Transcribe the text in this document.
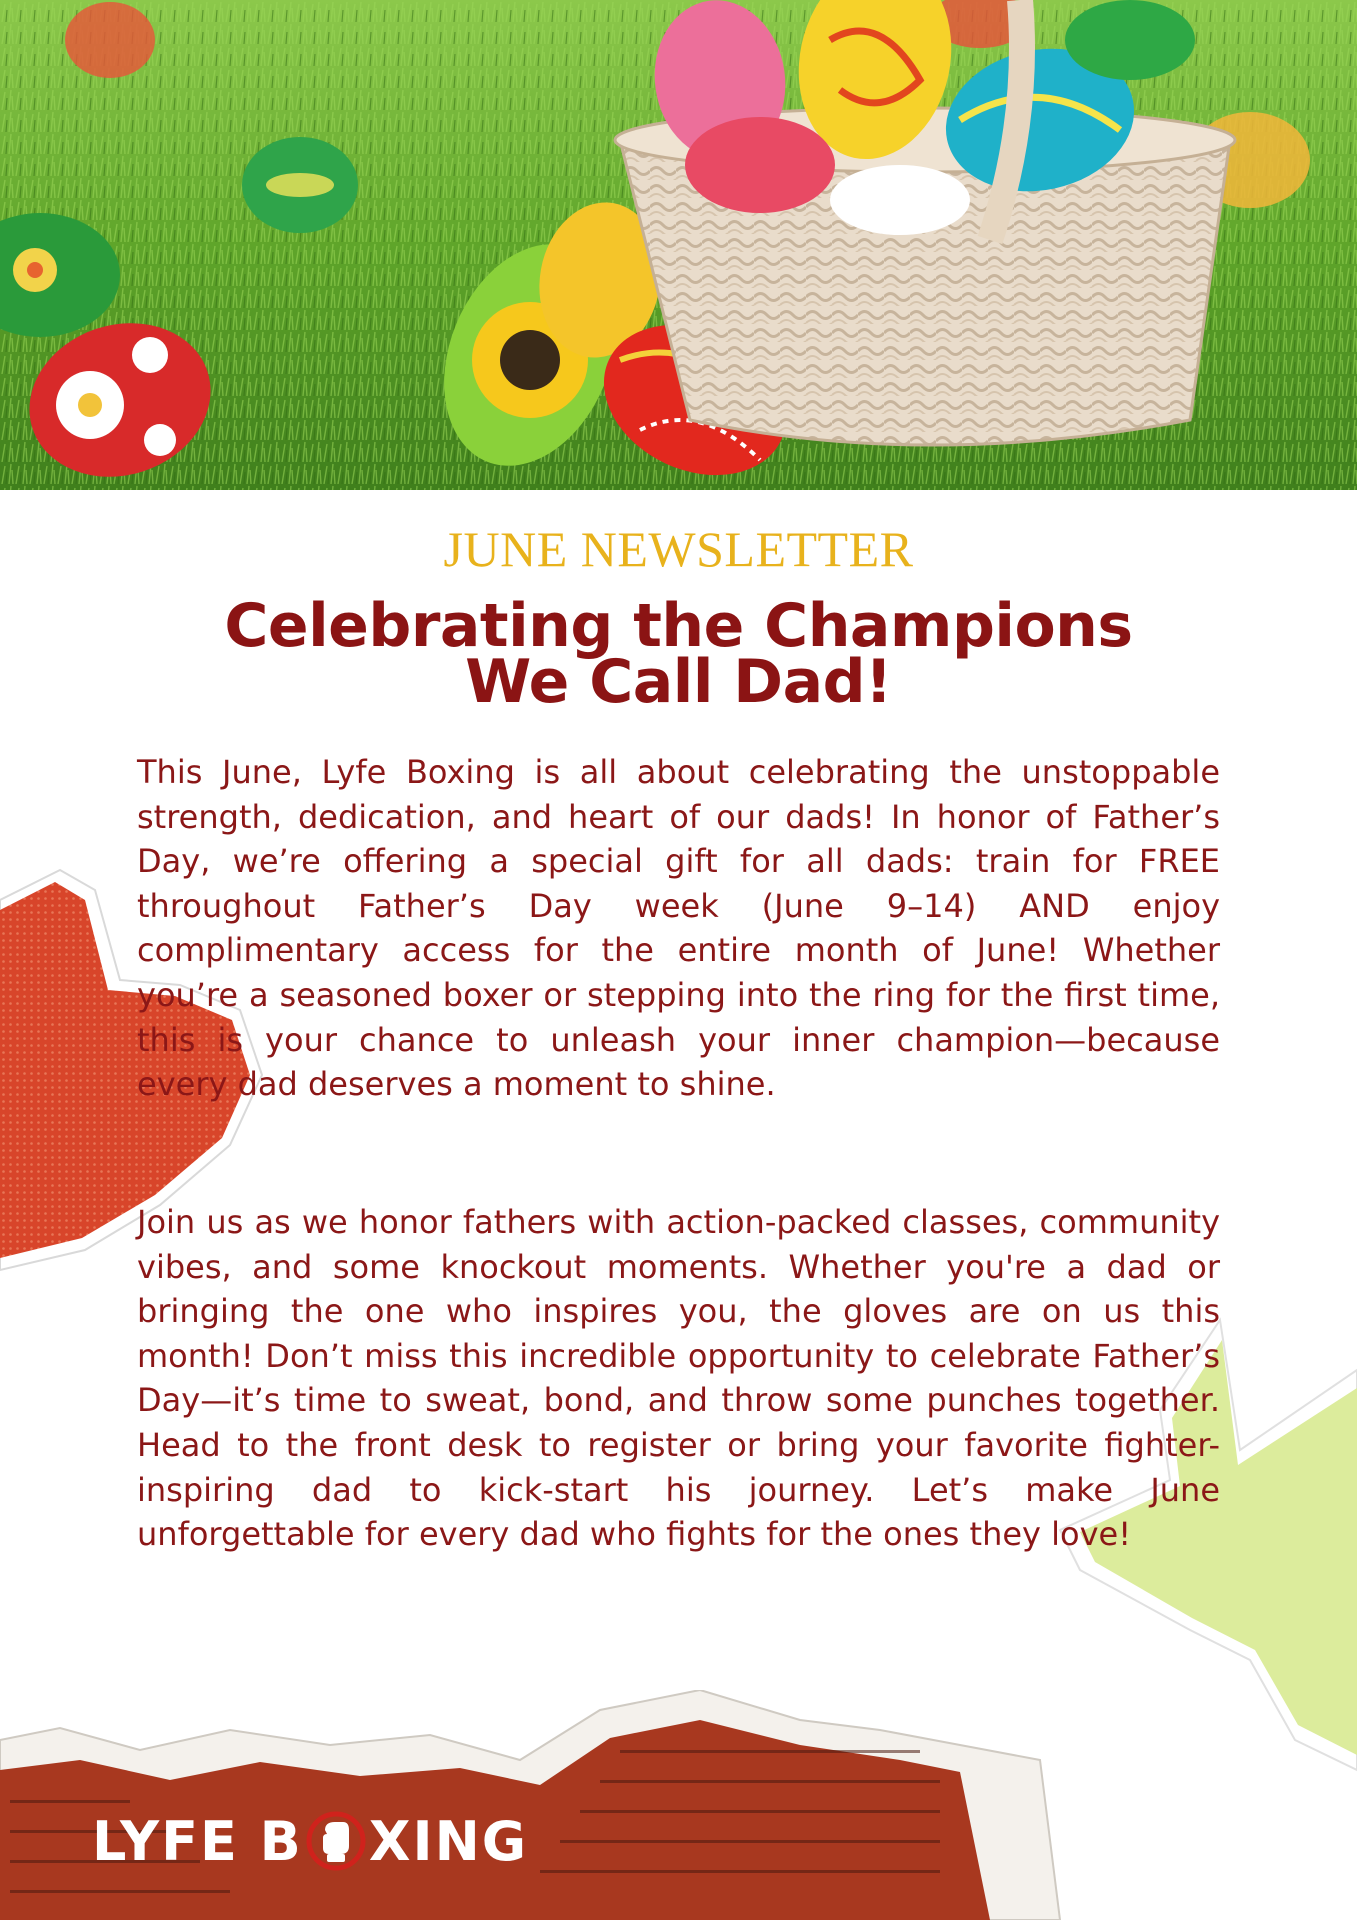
JUNE NEWSLETTER
Celebrating the Champions
We Call Dad!

This June, Lyfe Boxing is all about celebrating the unstoppable strength, dedication, and heart of our dads! In honor of Father’s Day, we’re offering a special gift for all dads: train for FREE throughout Father’s Day week (June 9–14) AND enjoy complimentary access for the entire month of June! Whether you’re a seasoned boxer or stepping into the ring for the first time, this is your chance to unleash your inner champion—because every dad deserves a moment to shine.

Join us as we honor fathers with action-packed classes, community vibes, and some knockout moments. Whether you're a dad or bringing the one who inspires you, the gloves are on us this month! Don’t miss this incredible opportunity to celebrate Father’s Day—it’s time to sweat, bond, and throw some punches together. Head to the front desk to register or bring your favorite fighter-inspiring dad to kick-start his journey. Let’s make June unforgettable for every dad who fights for the ones they love!

LYFE B XING
